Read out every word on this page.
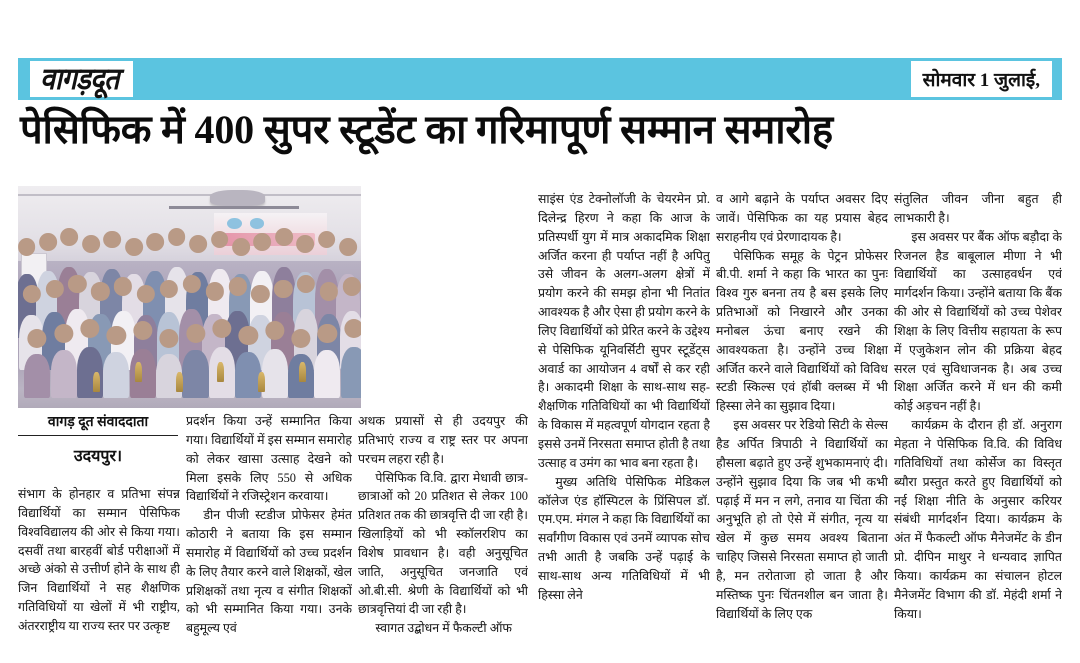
वागड़दूत	सोमवार 1 जुलाई,
पेसिफिक में 400 सुपर स्टूडेंट का गरिमापूर्ण सम्मान समारोह
वागड़ दूत संवाददाता
उदयपुर।

संभाग के होनहार व प्रतिभा संपन्न विद्यार्थियों का सम्मान पेसिफिक विश्वविद्यालय की ओर से किया गया। दसवीं तथा बारहवीं बोर्ड परीक्षाओं में अच्छे अंको से उत्तीर्ण होने के साथ ही जिन विद्यार्थियों ने सह शैक्षणिक गतिविधियों या खेलों में भी राष्ट्रीय, अंतरराष्ट्रीय या राज्य स्तर पर उत्कृष्ट

प्रदर्शन किया उन्हें सम्मानित किया गया। विद्यार्थियों में इस सम्मान समारोह को लेकर खासा उत्साह देखने को मिला इसके लिए 550 से अधिक विद्यार्थियों ने रजिस्ट्रेशन करवाया।

डीन पीजी स्टडीज प्रोफेसर हेमंत कोठारी ने बताया कि इस सम्मान समारोह में विद्यार्थियों को उच्च प्रदर्शन के लिए तैयार करने वाले शिक्षकों, खेल प्रशिक्षकों तथा नृत्य व संगीत शिक्षकों को भी सम्मानित किया गया। उनके बहुमूल्य एवं

अथक प्रयासों से ही उदयपुर की प्रतिभाएं राज्य व राष्ट्र स्तर पर अपना परचम लहरा रही है।

पेसिफिक वि.वि. द्वारा मेधावी छात्र-छात्राओं को 20 प्रतिशत से लेकर 100 प्रतिशत तक की छात्रवृत्ति दी जा रही है। खिलाड़ियों को भी स्कॉलरशिप का विशेष प्रावधान है। वही अनुसूचित जाति, अनुसूचित जनजाति एवं ओ.बी.सी. श्रेणी के विद्यार्थियों को भी छात्रवृत्तियां दी जा रही है।

स्वागत उद्बोधन में फैकल्टी ऑफ

साइंस एंड टेक्नोलॉजी के चेयरमेन प्रो. दिलेन्द्र हिरण ने कहा कि आज के प्रतिस्पर्धी युग में मात्र अकादमिक शिक्षा अर्जित करना ही पर्याप्त नहीं है अपितु उसे जीवन के अलग-अलग क्षेत्रों में प्रयोग करने की समझ होना भी नितांत आवश्यक है और ऐसा ही प्रयोग करने के लिए विद्यार्थियों को प्रेरित करने के उद्देश्य से पेसिफिक यूनिवर्सिटी सुपर स्टूडेंट्स अवार्ड का आयोजन 4 वर्षों से कर रही है। अकादमी शिक्षा के साथ-साथ सह-शैक्षणिक गतिविधियों का भी विद्यार्थियों के विकास में महत्वपूर्ण योगदान रहता है इससे उनमें निरसता समाप्त होती है तथा उत्साह व उमंग का भाव बना रहता है।

मुख्य अतिथि पेसिफिक मेडिकल कॉलेज एंड हॉस्पिटल के प्रिंसिपल डॉ. एम.एम. मंगल ने कहा कि विद्यार्थियों का सर्वांगीण विकास एवं उनमें व्यापक सोच तभी आती है जबकि उन्हें पढ़ाई के साथ-साथ अन्य गतिविधियों में भी हिस्सा लेने

व आगे बढ़ाने के पर्याप्त अवसर दिए जावें। पेसिफिक का यह प्रयास बेहद सराहनीय एवं प्रेरणादायक है।

पेसिफिक समूह के पेट्रन प्रोफेसर बी.पी. शर्मा ने कहा कि भारत का पुनः विश्व गुरु बनना तय है बस इसके लिए प्रतिभाओं को निखारने और उनका मनोबल ऊंचा बनाए रखने की आवश्यकता है। उन्होंने उच्च शिक्षा अर्जित करने वाले विद्यार्थियों को विविध स्टडी स्किल्स एवं हॉबी क्लब्स में भी हिस्सा लेने का सुझाव दिया।

इस अवसर पर रेडियो सिटी के सेल्स हैड अर्पित त्रिपाठी ने विद्यार्थियों का हौसला बढ़ाते हुए उन्हें शुभकामनाएं दी। उन्होंने सुझाव दिया कि जब भी कभी पढ़ाई में मन न लगे, तनाव या चिंता की अनुभूति हो तो ऐसे में संगीत, नृत्य या खेल में कुछ समय अवश्य बिताना चाहिए जिससे निरसता समाप्त हो जाती है, मन तरोताजा हो जाता है और मस्तिष्क पुनः चिंतनशील बन जाता है। विद्यार्थियों के लिए एक

संतुलित जीवन जीना बहुत ही लाभकारी है।

इस अवसर पर बैंक ऑफ बड़ौदा के रिजनल हैड बाबूलाल मीणा ने भी विद्यार्थियों का उत्साहवर्धन एवं मार्गदर्शन किया। उन्होंने बताया कि बैंक की ओर से विद्यार्थियों को उच्च पेशेवर शिक्षा के लिए वित्तीय सहायता के रूप में एजुकेशन लोन की प्रक्रिया बेहद सरल एवं सुविधाजनक है। अब उच्च शिक्षा अर्जित करने में धन की कमी कोई अड़चन नहीं है।

कार्यक्रम के दौरान ही डॉ. अनुराग मेहता ने पेसिफिक वि.वि. की विविध गतिविधियों तथा कोर्सेज का विस्तृत ब्यौरा प्रस्तुत करते हुए विद्यार्थियों को नई शिक्षा नीति के अनुसार करियर संबंधी मार्गदर्शन दिया। कार्यक्रम के अंत में फैकल्टी ऑफ मैनेजमेंट के डीन प्रो. दीपिन माथुर ने धन्यवाद ज्ञापित किया। कार्यक्रम का संचालन होटल मैनेजमेंट विभाग की डॉ. मेहंदी शर्मा ने किया।
